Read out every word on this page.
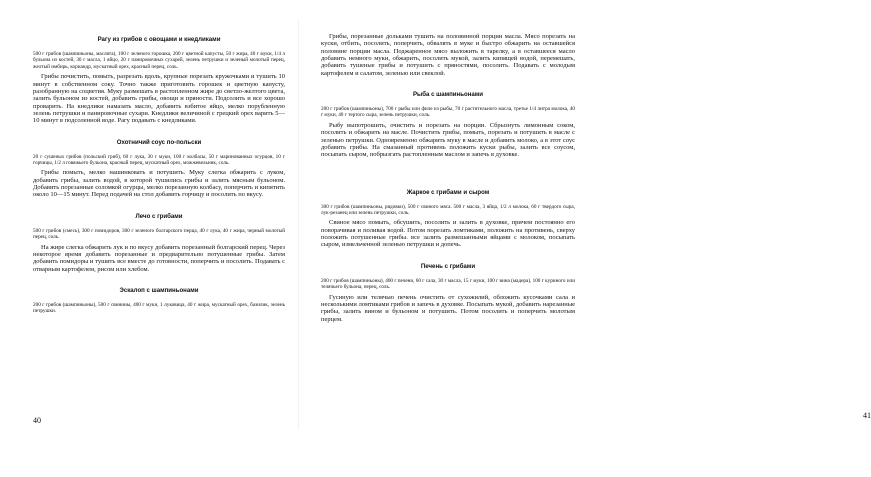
Рагу из грибов с овощами и кнедликами

500 г грибов (шампиньоны, маслята), 100 г зеленого горошка, 200 г цветной капусты, 50 г жира, 40 г муки, 1/4 л бульона из костей, 30 г масла, 1 яйцо, 20 г панировочных сухарей, зелень петрушки и зеленый молотый перец, желтый имбирь, кориандр, мускатный орех, красный перец, соль.

Грибы почистить, помыть, разрезать вдоль, крупные порезать кружочками и тушить 10 минут в собственном соку. Точно также приготовить горошек и цветную капусту, разобранную на соцветия. Муку размешать в растопленном жире до светло-желтого цвета, залить бульоном из костей, добавить грибы, овощи и пряности. Подсолить и все хорошо проварить. На кнедлики намазать масло, добавить взбитое яйцо, мелко порубленную зелень петрушки и панировочные сухари. Кнедлики величиной с грецкий орех варить 5—10 минут в подсоленной воде. Рагу подавать с кнедликами.

Охотничий соус по-польски

20 г сушеных грибов (польский гриб), 60 г лука, 30 г муки, 100 г колбасы, 50 г маринованных огурцов, 10 г горчицы, 1/2 л говяжьего бульона, красный перец, мускатный орех, можжевельник, соль.

Грибы помыть, мелко нашинковать и потушить. Муку слегка обжарить с луком, добавить грибы, залить водой, в которой тушились грибы и залить мясным бульоном. Добавить порезанные соломкой огурцы, мелко порезанную колбасу, поперчить и кипятить около 10—15 минут. Перед подачей на стол добавить горчицу и посолить по вкусу.

Лечо с грибами

500 г грибов (смесь), 300 г помидоров, 300 г зеленого болгарского перца, 40 г лука, 40 г жира, черный молотый перец, соль.

На жире слегка обжарить лук и по вкусу добавить порезанный болгарский перец. Через некоторое время добавить порезанные и предварительно потушенные грибы. Затем добавить помидоры и тушить все вместе до готовности, поперчить и посолить. Подавать с отварным картофелем, рисом или хлебом.

Эскалоп с шампиньонами

200 г грибов (шампиньоны), 500 г свинины, 400 г муки, 1 луковица, 40 г жира, мускатный орех, базилик, зелень петрушки.

40

Грибы, порезанные дольками тушить на половинной порции масла. Мясо порезать на куски, отбить, посолить, поперчить, обвалять в муке и быстро обжарить на оставшейся половине порции масла. Поджаренное мясо выложить в тарелку, а в оставшееся масло добавить немного муки, обжарить, посолить мукой, залить кипящей водой, перемешать, добавить тушеные грибы и потушить с пряностями, посолить. Подавать с молодым картофелем и салатом, зеленью или свеклой.

Рыба с шампиньонами

200 г грибов (шампиньоны), 700 г рыбы или филе из рыбы, 70 г растительного масла, третье 1/4 литра молока, 40 г муки, 40 г тертого сыра, зелень петрушки, соль.

Рыбу выпотрошить, очистить и порезать на порции. Сбрызнуть лимонным соком, посолить и обжарить на масле. Почистить грибы, помыть, порезать и потушить в масле с зеленью петрушки. Одновременно обжарить муку в масле и добавить молоко, а в этот соус добавить грибы. На смазанный противень положить куски рыбы, залить все соусом, посыпать сыром, побрызгать растопленным маслом и запечь в духовке.

Жаркое с грибами и сыром

300 г грибов (шампиньоны, рядовки), 500 г свиного мяса. 500 г масла, 3 яйца, 1/2 л молока, 60 г твердого сыра, лук-резанец или зелень петрушки, соль.

Свиное мясо помыть, обсушить, посолить и залить в духовке, причем постоянно его поворачивая и поливая водой. Потом порезать ломтиками, положить на противень, сверху положить потушенные грибы. все залить размешанными яйцами с молоком, посыпать сыром, измельченной зеленью петрушки и допечь.

Печень с грибами

200 г грибов (шампиньоны), 400 г печени, 60 г сала, 30 г масла, 15 г муки, 100 г вина (мадера), 100 г куриного или телячьего бульона, перец, соль.

Гусиную или телячью печень очистить от сухожилий, обложить кусочками сала и несколькими ломтиками грибов и запечь в духовке. Посыпать мукой, добавить нарезанные грибы, залить вином и бульоном и потушить. Потом посолить и поперчить молотым перцем.

41
